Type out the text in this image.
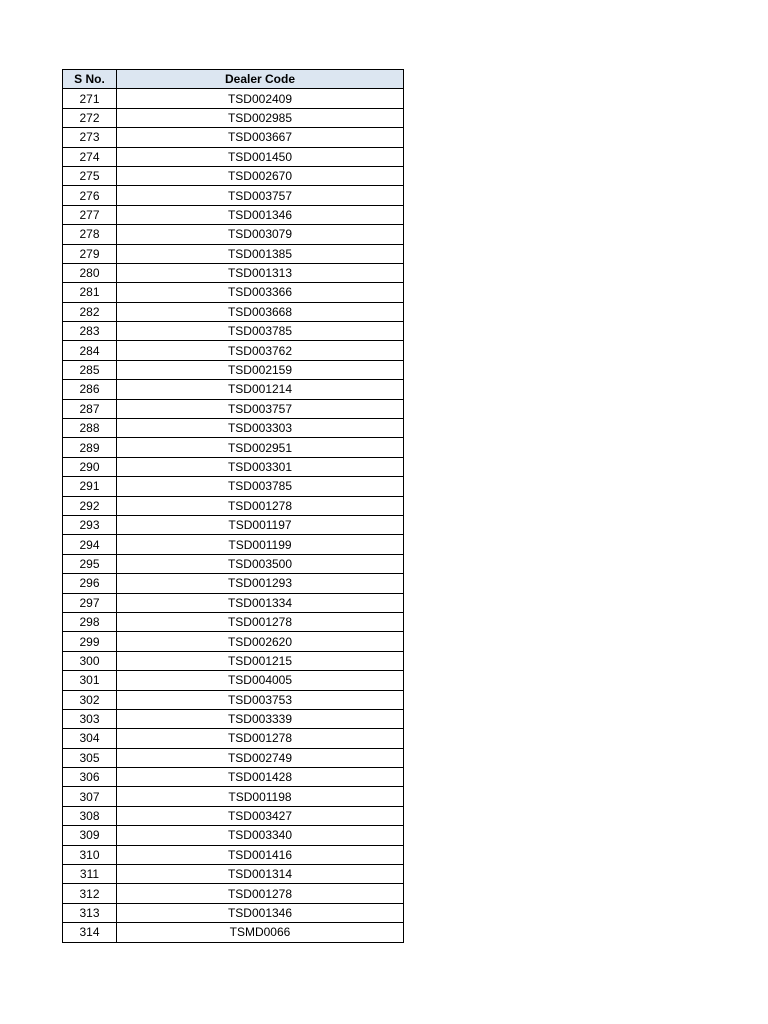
S No.	Dealer Code
271	TSD002409
272	TSD002985
273	TSD003667
274	TSD001450
275	TSD002670
276	TSD003757
277	TSD001346
278	TSD003079
279	TSD001385
280	TSD001313
281	TSD003366
282	TSD003668
283	TSD003785
284	TSD003762
285	TSD002159
286	TSD001214
287	TSD003757
288	TSD003303
289	TSD002951
290	TSD003301
291	TSD003785
292	TSD001278
293	TSD001197
294	TSD001199
295	TSD003500
296	TSD001293
297	TSD001334
298	TSD001278
299	TSD002620
300	TSD001215
301	TSD004005
302	TSD003753
303	TSD003339
304	TSD001278
305	TSD002749
306	TSD001428
307	TSD001198
308	TSD003427
309	TSD003340
310	TSD001416
311	TSD001314
312	TSD001278
313	TSD001346
314	TSMD0066
